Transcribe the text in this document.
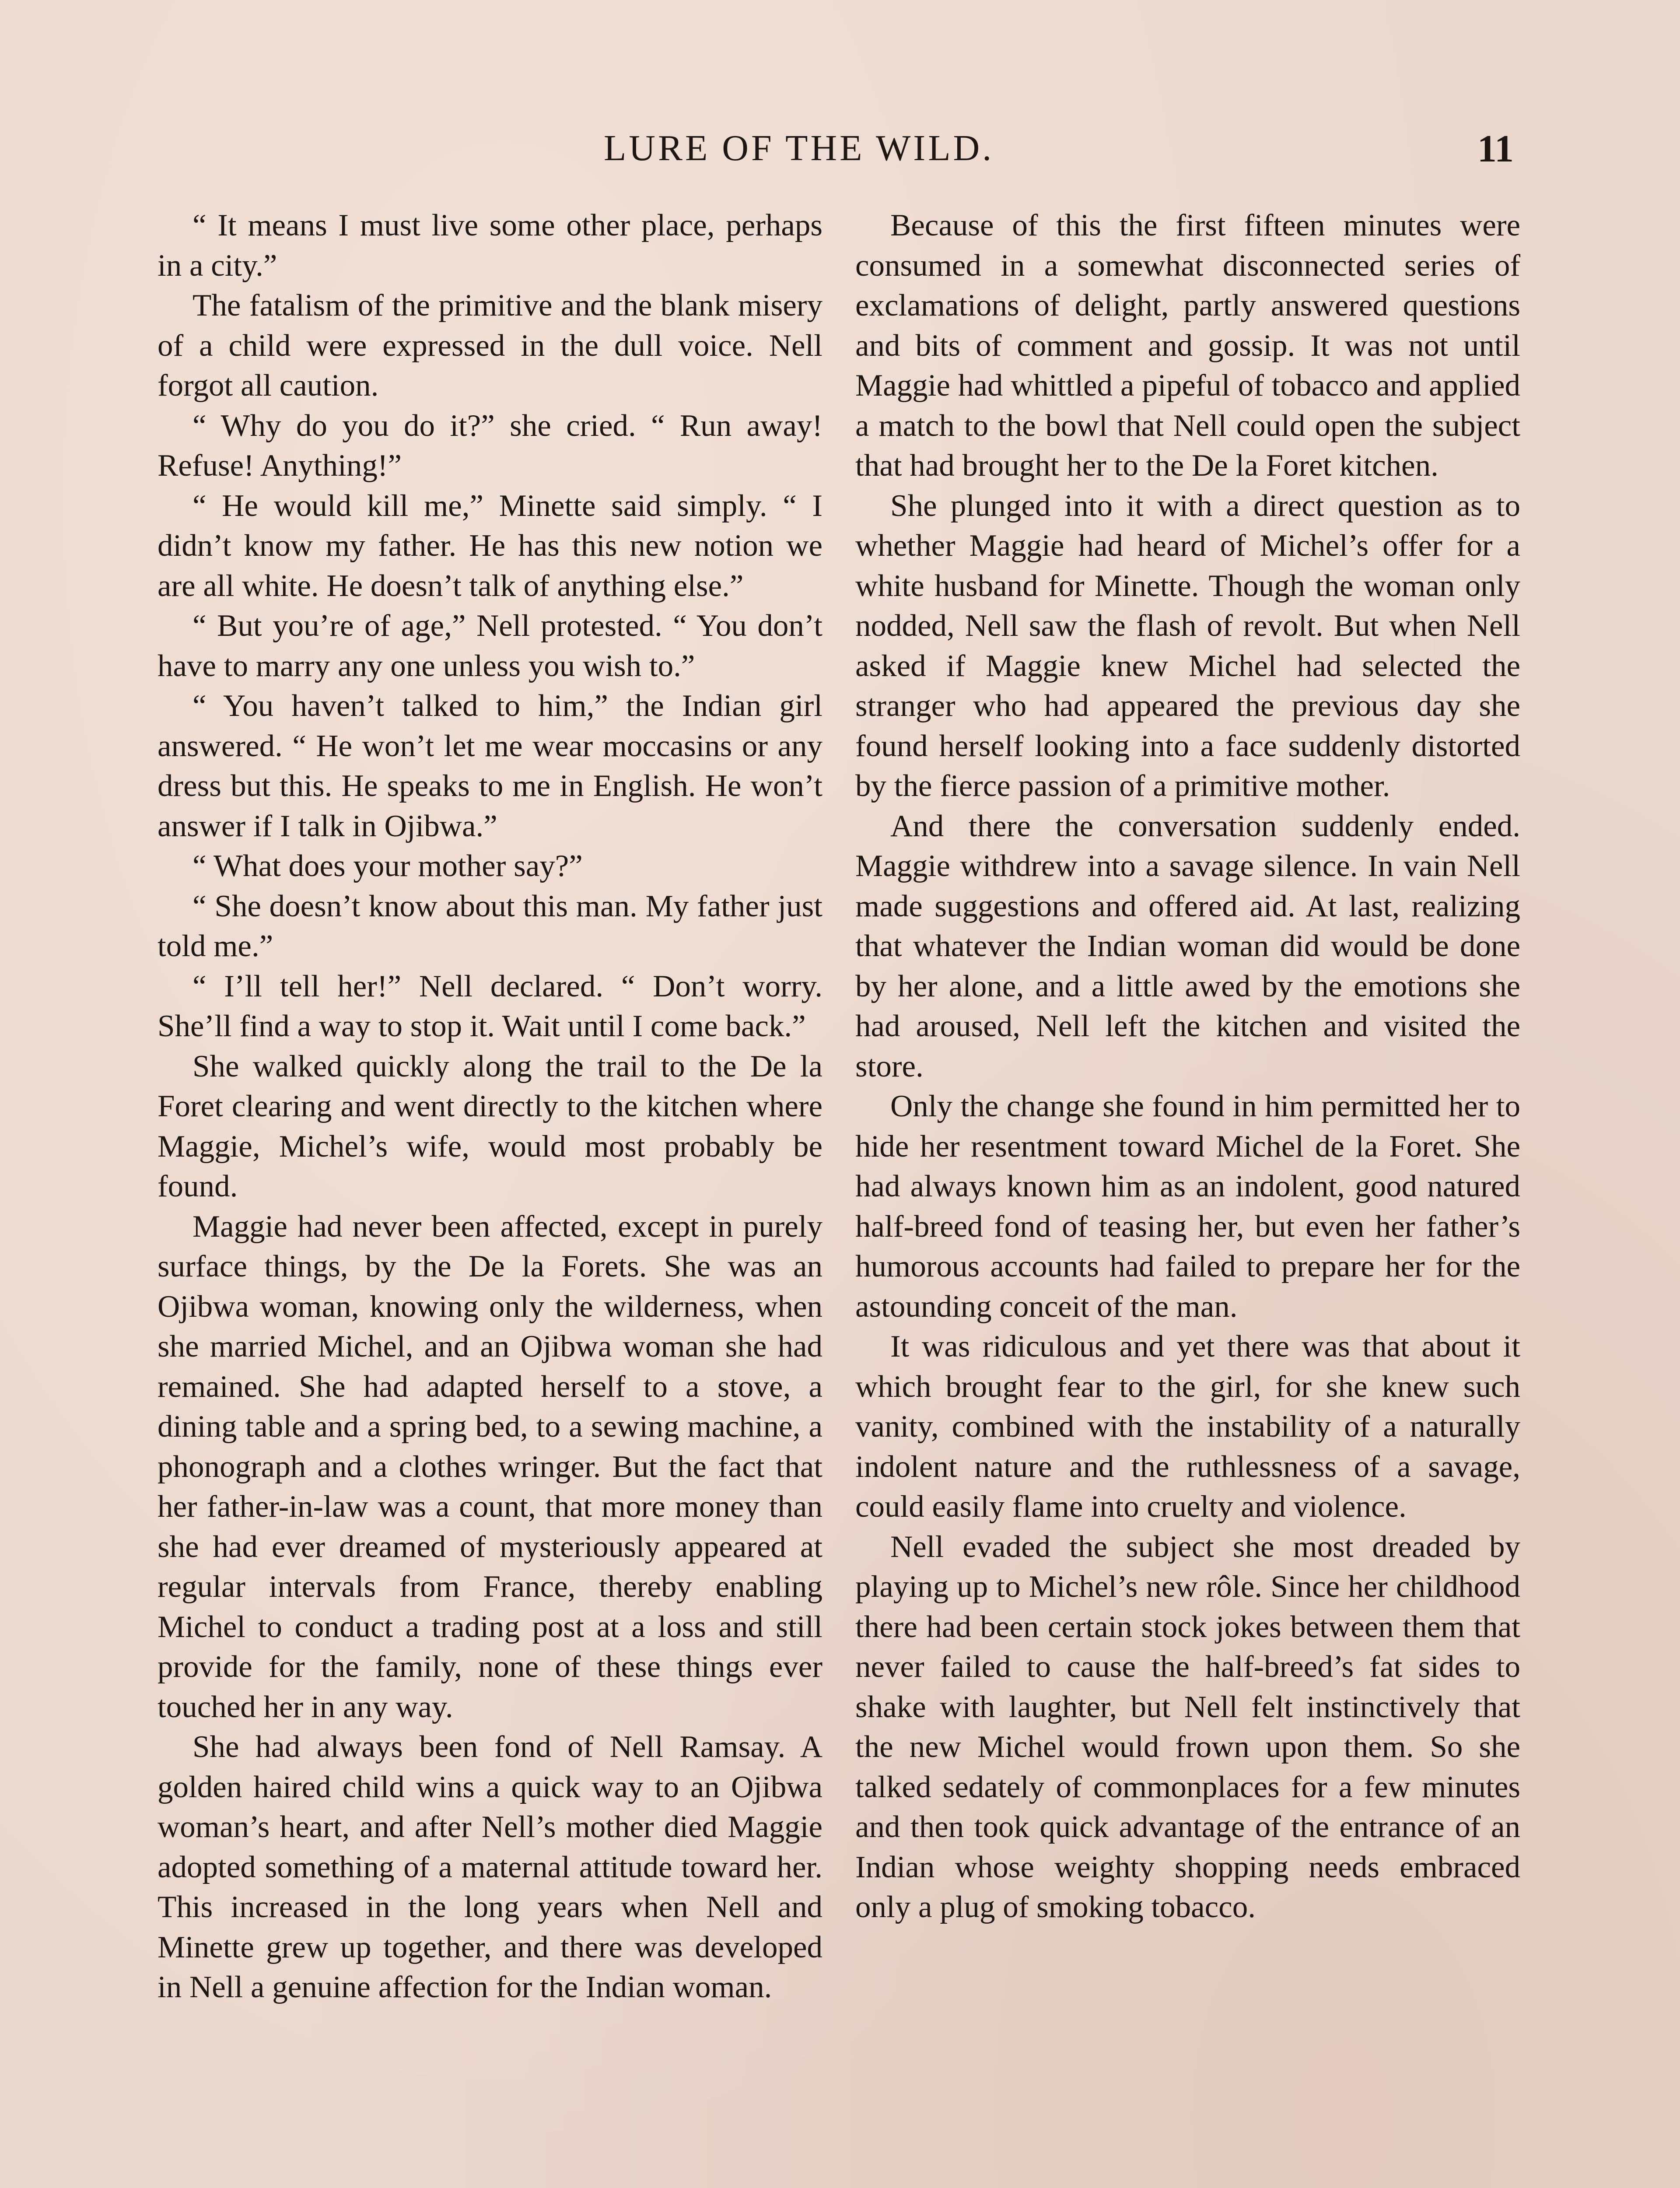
LURE OF THE WILD.	11

“ It means I must live some other place, perhaps in a city.”

The fatalism of the primitive and the blank misery of a child were expressed in the dull voice. Nell forgot all caution.

“ Why do you do it?” she cried. “ Run away! Refuse! Anything!”

“ He would kill me,” Minette said simply. “ I didn’t know my father. He has this new notion we are all white. He doesn’t talk of anything else.”

“ But you’re of age,” Nell protested. “ You don’t have to marry any one unless you wish to.”

“ You haven’t talked to him,” the Indian girl answered. “ He won’t let me wear moccasins or any dress but this. He speaks to me in English. He won’t answer if I talk in Ojibwa.”

“ What does your mother say?”

“ She doesn’t know about this man. My father just told me.”

“ I’ll tell her!” Nell declared. “ Don’t worry. She’ll find a way to stop it. Wait until I come back.”

She walked quickly along the trail to the De la Foret clearing and went directly to the kitchen where Maggie, Michel’s wife, would most probably be found.

Maggie had never been affected, except in purely surface things, by the De la Forets. She was an Ojibwa woman, knowing only the wilderness, when she married Michel, and an Ojibwa woman she had remained. She had adapted herself to a stove, a dining table and a spring bed, to a sewing machine, a phonograph and a clothes wringer. But the fact that her father-in-law was a count, that more money than she had ever dreamed of mysteriously appeared at regular intervals from France, thereby enabling Michel to conduct a trading post at a loss and still provide for the family, none of these things ever touched her in any way.

She had always been fond of Nell Ramsay. A golden haired child wins a quick way to an Ojibwa woman’s heart, and after Nell’s mother died Maggie adopted something of a maternal attitude toward her. This increased in the long years when Nell and Minette grew up together, and there was developed in Nell a genuine affection for the Indian woman.

Because of this the first fifteen minutes were consumed in a somewhat disconnected series of exclamations of delight, partly answered questions and bits of comment and gossip. It was not until Maggie had whittled a pipeful of tobacco and applied a match to the bowl that Nell could open the subject that had brought her to the De la Foret kitchen.

She plunged into it with a direct question as to whether Maggie had heard of Michel’s offer for a white husband for Minette. Though the woman only nodded, Nell saw the flash of revolt. But when Nell asked if Maggie knew Michel had selected the stranger who had appeared the previous day she found herself looking into a face suddenly distorted by the fierce passion of a primitive mother.

And there the conversation suddenly ended. Maggie withdrew into a savage silence. In vain Nell made suggestions and offered aid. At last, realizing that whatever the Indian woman did would be done by her alone, and a little awed by the emotions she had aroused, Nell left the kitchen and visited the store.

Only the change she found in him permitted her to hide her resentment toward Michel de la Foret. She had always known him as an indolent, good natured half-breed fond of teasing her, but even her father’s humorous accounts had failed to prepare her for the astounding conceit of the man.

It was ridiculous and yet there was that about it which brought fear to the girl, for she knew such vanity, combined with the instability of a naturally indolent nature and the ruthlessness of a savage, could easily flame into cruelty and violence.

Nell evaded the subject she most dreaded by playing up to Michel’s new rôle. Since her childhood there had been certain stock jokes between them that never failed to cause the half-breed’s fat sides to shake with laughter, but Nell felt instinctively that the new Michel would frown upon them. So she talked sedately of commonplaces for a few minutes and then took quick advantage of the entrance of an Indian whose weighty shopping needs embraced only a plug of smoking tobacco.
